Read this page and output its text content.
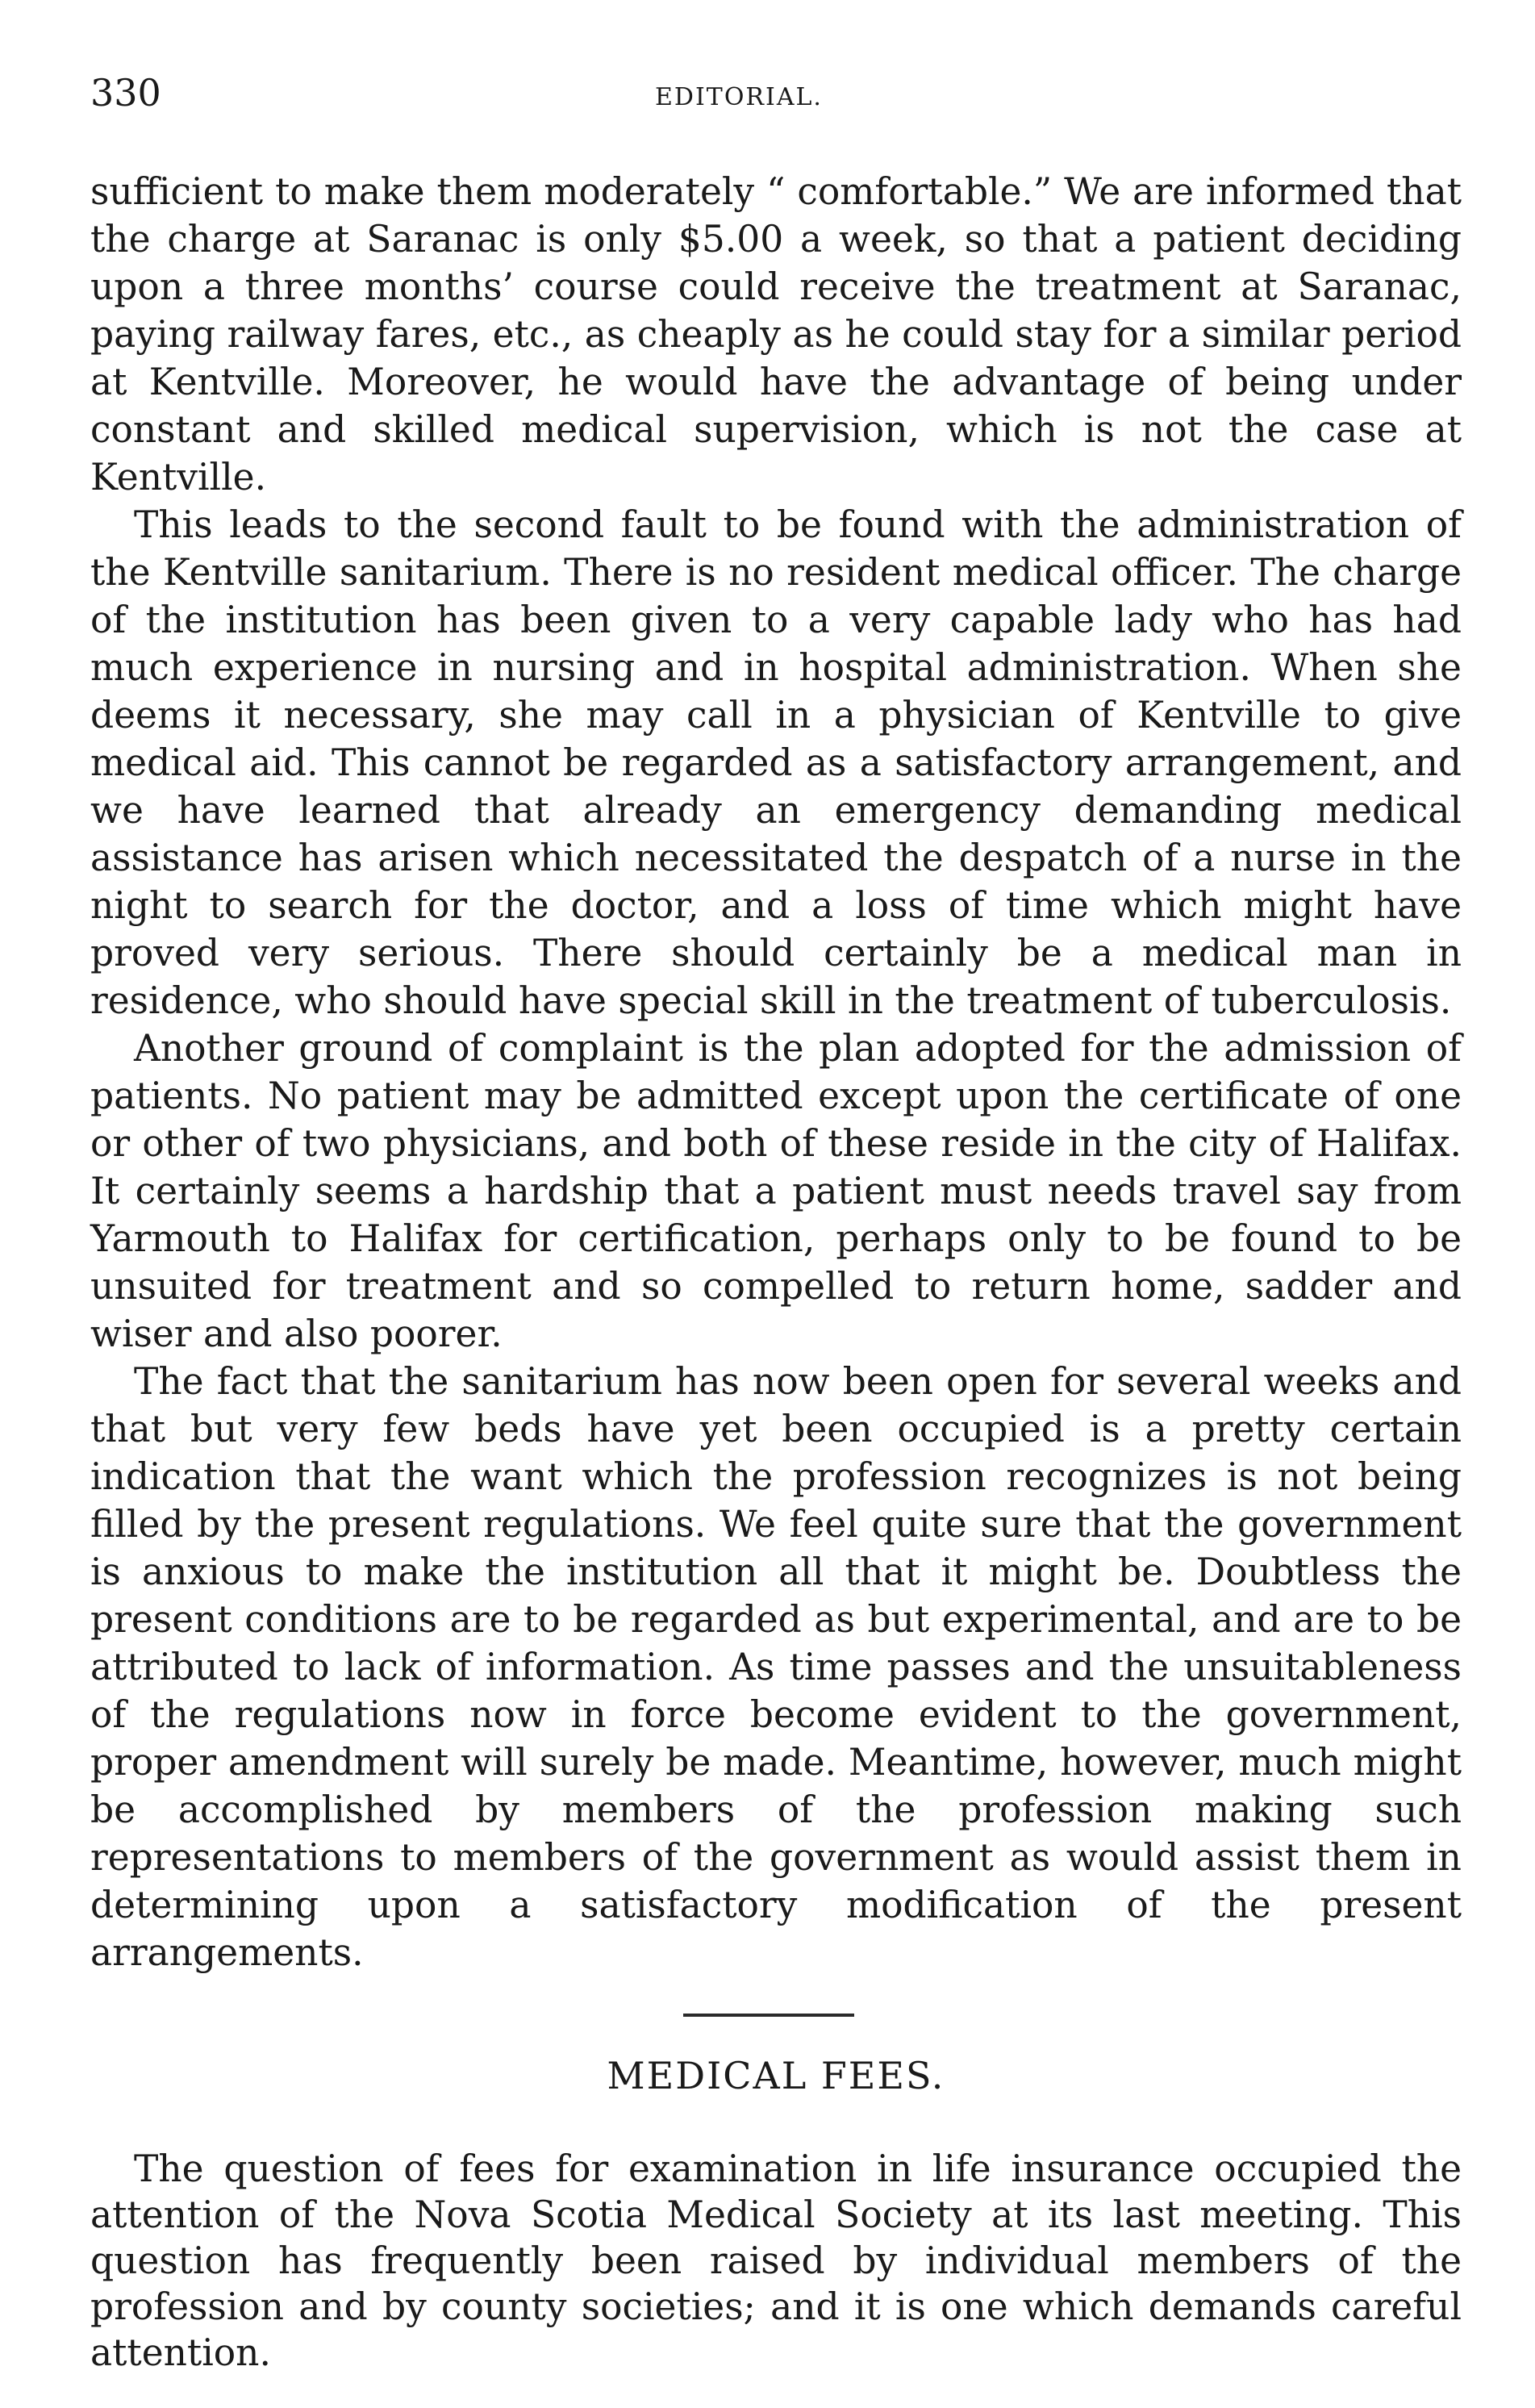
330	EDITORIAL.

sufficient to make them moderately “ comfortable.” We are informed that the charge at Saranac is only $5.00 a week, so that a patient deciding upon a three months’ course could receive the treatment at Saranac, paying railway fares, etc., as cheaply as he could stay for a similar period at Kentville. Moreover, he would have the advantage of being under constant and skilled medical supervision, which is not the case at Kentville.

This leads to the second fault to be found with the administration of the Kentville sanitarium. There is no resident medical officer. The charge of the institution has been given to a very capable lady who has had much experience in nursing and in hospital administration. When she deems it necessary, she may call in a physician of Kentville to give medical aid. This cannot be regarded as a satisfactory arrangement, and we have learned that already an emergency demanding medical assistance has arisen which necessitated the despatch of a nurse in the night to search for the doctor, and a loss of time which might have proved very serious. There should certainly be a medical man in residence, who should have special skill in the treatment of tuberculosis.

Another ground of complaint is the plan adopted for the admission of patients. No patient may be admitted except upon the certificate of one or other of two physicians, and both of these reside in the city of Halifax. It certainly seems a hardship that a patient must needs travel say from Yarmouth to Halifax for certification, perhaps only to be found to be unsuited for treatment and so compelled to return home, sadder and wiser and also poorer.

The fact that the sanitarium has now been open for several weeks and that but very few beds have yet been occupied is a pretty certain indication that the want which the profession recognizes is not being filled by the present regulations. We feel quite sure that the government is anxious to make the institution all that it might be. Doubtless the present conditions are to be regarded as but experimental, and are to be attributed to lack of information. As time passes and the unsuitableness of the regulations now in force become evident to the government, proper amendment will surely be made. Meantime, however, much might be accomplished by members of the profession making such representations to members of the government as would assist them in determining upon a satisfactory modification of the present arrangements.

MEDICAL FEES.

The question of fees for examination in life insurance occupied the attention of the Nova Scotia Medical Society at its last meeting. This question has frequently been raised by individual members of the profession and by county societies; and it is one which demands careful attention.
